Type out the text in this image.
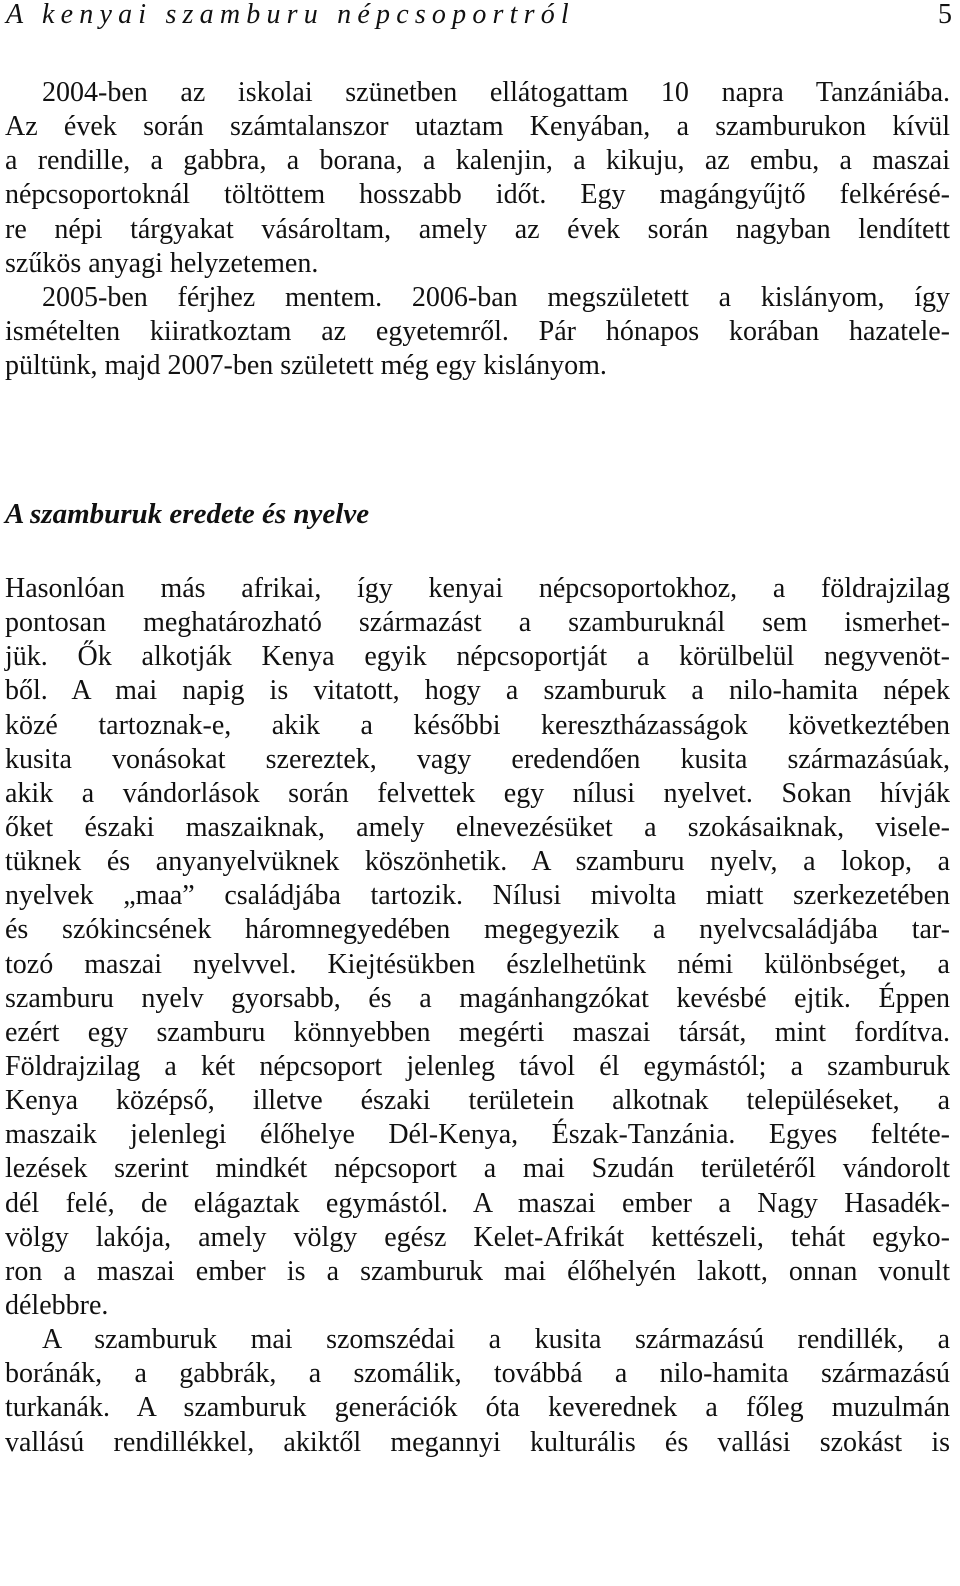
A kenyai szamburu népcsoportról	5
2004-ben az iskolai szünetben ellátogattam 10 napra Tanzániába.
Az évek során számtalanszor utaztam Kenyában, a szamburukon kívül
a rendille, a gabbra, a borana, a kalenjin, a kikuju, az embu, a maszai
népcsoportoknál töltöttem hosszabb időt. Egy magángyűjtő felkérésé-
re népi tárgyakat vásároltam, amely az évek során nagyban lendített
szűkös anyagi helyzetemen.
2005-ben férjhez mentem. 2006-ban megszületett a kislányom, így
ismételten kiiratkoztam az egyetemről. Pár hónapos korában hazatele-
pültünk, majd 2007-ben született még egy kislányom.
A szamburuk eredete és nyelve
Hasonlóan más afrikai, így kenyai népcsoportokhoz, a földrajzilag
pontosan meghatározható származást a szamburuknál sem ismerhet-
jük. Ők alkotják Kenya egyik népcsoportját a körülbelül negyvenöt-
ből. A mai napig is vitatott, hogy a szamburuk a nilo-hamita népek
közé tartoznak-e, akik a későbbi keresztházasságok következtében
kusita vonásokat szereztek, vagy eredendően kusita származásúak,
akik a vándorlások során felvettek egy nílusi nyelvet. Sokan hívják
őket északi maszaiknak, amely elnevezésüket a szokásaiknak, visele-
tüknek és anyanyelvüknek köszönhetik. A szamburu nyelv, a lokop, a
nyelvek „maa” családjába tartozik. Nílusi mivolta miatt szerkezetében
és szókincsének háromnegyedében megegyezik a nyelvcsaládjába tar-
tozó maszai nyelvvel. Kiejtésükben észlelhetünk némi különbséget, a
szamburu nyelv gyorsabb, és a magánhangzókat kevésbé ejtik. Éppen
ezért egy szamburu könnyebben megérti maszai társát, mint fordítva.
Földrajzilag a két népcsoport jelenleg távol él egymástól; a szamburuk
Kenya középső, illetve északi területein alkotnak településeket, a
maszaik jelenlegi élőhelye Dél-Kenya, Észak-Tanzánia. Egyes feltéte-
lezések szerint mindkét népcsoport a mai Szudán területéről vándorolt
dél felé, de elágaztak egymástól. A maszai ember a Nagy Hasadék-
völgy lakója, amely völgy egész Kelet-Afrikát kettészeli, tehát egyko-
ron a maszai ember is a szamburuk mai élőhelyén lakott, onnan vonult
délebbre.
A szamburuk mai szomszédai a kusita származású rendillék, a
boránák, a gabbrák, a szomálik, továbbá a nilo-hamita származású
turkanák. A szamburuk generációk óta keverednek a főleg muzulmán
vallású rendillékkel, akiktől megannyi kulturális és vallási szokást is
